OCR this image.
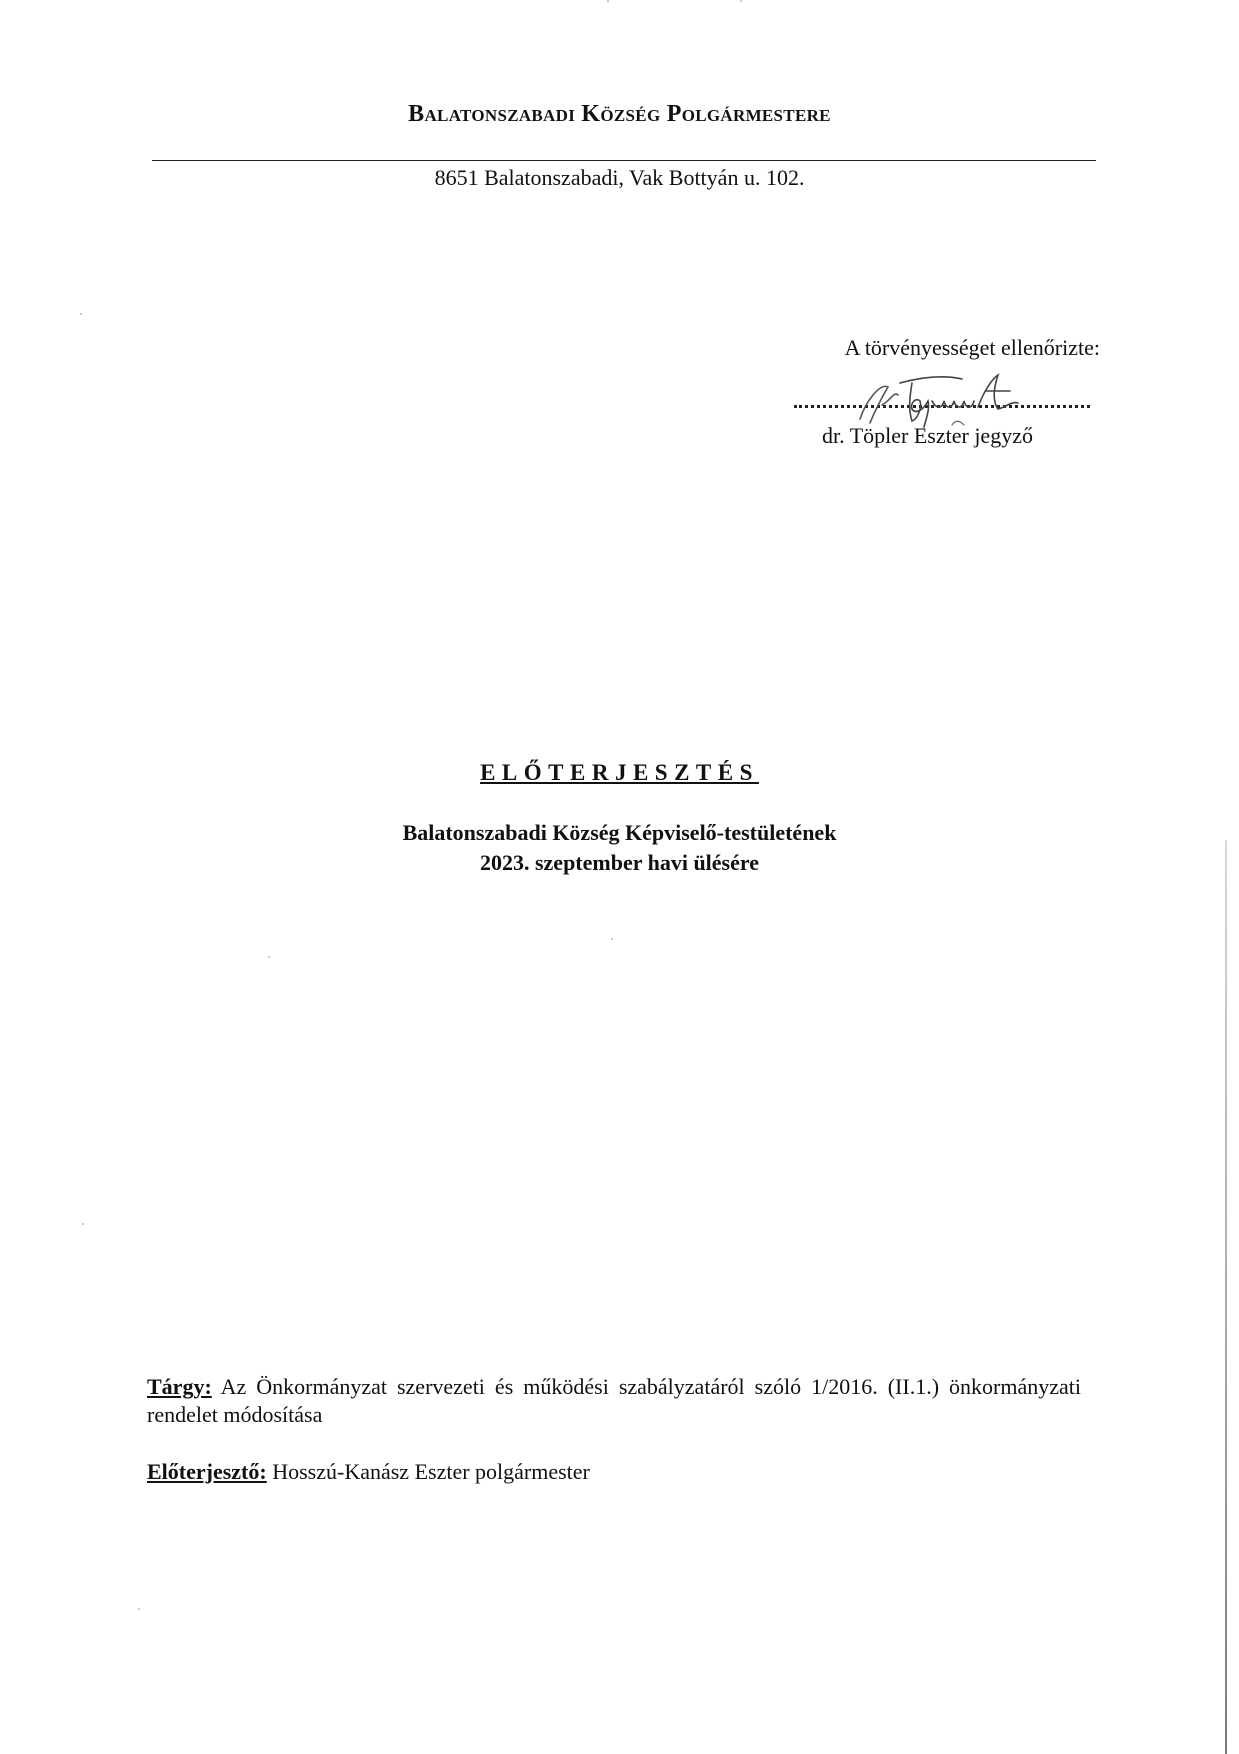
Balatonszabadi Község Polgármestere
8651 Balatonszabadi, Vak Bottyán u. 102.
A törvényességet ellenőrizte:
dr. Töpler Eszter jegyző
ELŐTERJESZTÉS
Balatonszabadi Község Képviselő-testületének
2023. szeptember havi ülésére
Tárgy: Az Önkormányzat szervezeti és működési szabályzatáról szóló 1/2016. (II.1.) önkormányzati rendelet módosítása
Előterjesztő: Hosszú-Kanász Eszter polgármester
